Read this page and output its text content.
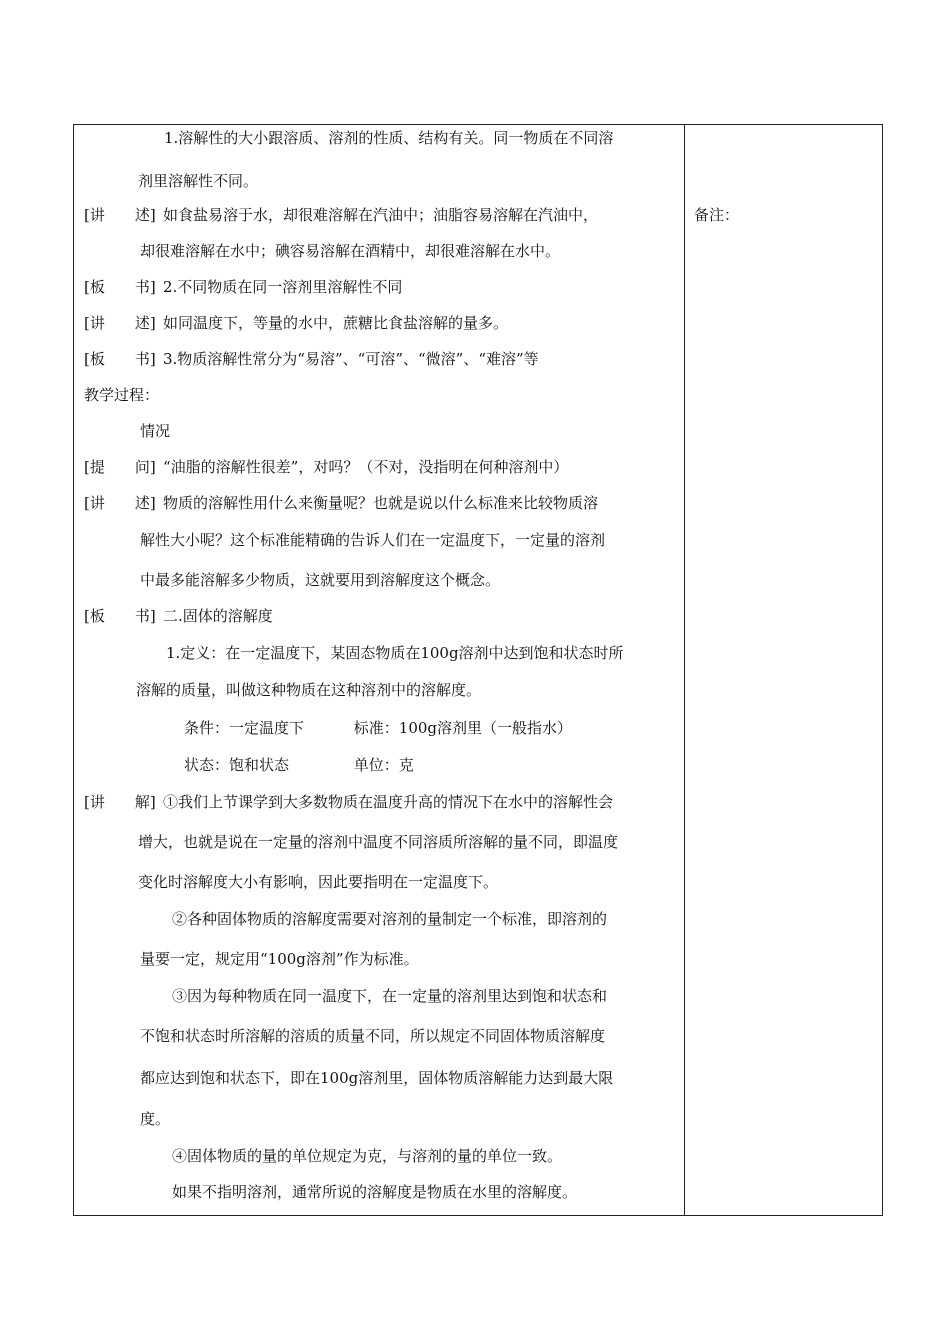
备注：
1.溶解性的大小跟溶质、溶剂的性质、结构有关。同一物质在不同溶
剂里溶解性不同。
[讲　　述] 如食盐易溶于水，却很难溶解在汽油中；油脂容易溶解在汽油中，
却很难溶解在水中；碘容易溶解在酒精中，却很难溶解在水中。
[板　　书] 2.不同物质在同一溶剂里溶解性不同
[讲　　述] 如同温度下，等量的水中，蔗糖比食盐溶解的量多。
[板　　书] 3.物质溶解性常分为“易溶”、“可溶”、“微溶”、“难溶”等
教学过程：
情况
[提　　问] “油脂的溶解性很差”，对吗？（不对，没指明在何种溶剂中）
[讲　　述] 物质的溶解性用什么来衡量呢？也就是说以什么标准来比较物质溶
解性大小呢？这个标准能精确的告诉人们在一定温度下，一定量的溶剂
中最多能溶解多少物质，这就要用到溶解度这个概念。
[板　　书] 二.固体的溶解度
1.定义：在一定温度下，某固态物质在100g溶剂中达到饱和状态时所
溶解的质量，叫做这种物质在这种溶剂中的溶解度。
条件：一定温度下　　　 标准：100g溶剂里（一般指水）
状态：饱和状态　　　　 单位：克
[讲　　解] ①我们上节课学到大多数物质在温度升高的情况下在水中的溶解性会
增大，也就是说在一定量的溶剂中温度不同溶质所溶解的量不同，即温度
变化时溶解度大小有影响，因此要指明在一定温度下。
②各种固体物质的溶解度需要对溶剂的量制定一个标准，即溶剂的
量要一定，规定用“100g溶剂”作为标准。
③因为每种物质在同一温度下，在一定量的溶剂里达到饱和状态和
不饱和状态时所溶解的溶质的质量不同，所以规定不同固体物质溶解度
都应达到饱和状态下，即在100g溶剂里，固体物质溶解能力达到最大限
度。
④固体物质的量的单位规定为克，与溶剂的量的单位一致。
如果不指明溶剂，通常所说的溶解度是物质在水里的溶解度。
